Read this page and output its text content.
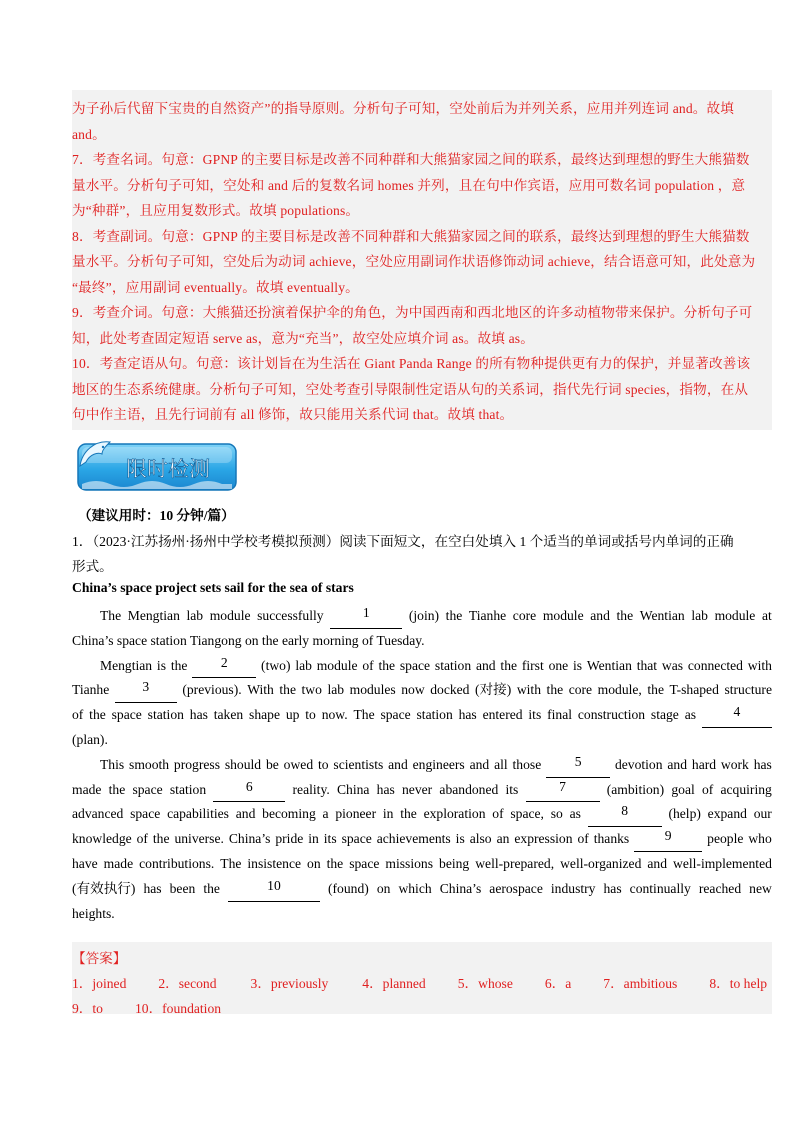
为子孙后代留下宝贵的自然资产”的指导原则。分析句子可知，空处前后为并列关系，应用并列连词 and。故填
and。
7．考查名词。句意：GPNP 的主要目标是改善不同种群和大熊猫家园之间的联系，最终达到理想的野生大熊猫数
量水平。分析句子可知，空处和 and 后的复数名词 homes 并列，且在句中作宾语，应用可数名词 population ，意
为“种群”，且应用复数形式。故填 populations。
8．考查副词。句意：GPNP 的主要目标是改善不同种群和大熊猫家园之间的联系，最终达到理想的野生大熊猫数
量水平。分析句子可知，空处后为动词 achieve，空处应用副词作状语修饰动词 achieve，结合语意可知，此处意为
“最终”，应用副词 eventually。故填 eventually。
9．考查介词。句意：大熊猫还扮演着保护伞的角色，为中国西南和西北地区的许多动植物带来保护。分析句子可
知，此处考查固定短语 serve as，意为“充当”，故空处应填介词 as。故填 as。
10．考查定语从句。句意：该计划旨在为生活在 Giant Panda Range 的所有物种提供更有力的保护，并显著改善该
地区的生态系统健康。分析句子可知，空处考查引导限制性定语从句的关系词，指代先行词 species，指物，在从
句中作主语，且先行词前有 all 修饰，故只能用关系代词 that。故填 that。
限时检测
（建议用时：10 分钟/篇）
1．（2023·江苏扬州·扬州中学校考模拟预测）阅读下面短文，在空白处填入 1 个适当的单词或括号内单词的正确
形式。
China’s space project sets sail for the sea of stars
The Mengtian lab module successfully	1	(join) the Tianhe core module and the Wentian lab module at
China’s space station Tiangong on the early morning of Tuesday.
Mengtian is the	2	(two) lab module of the space station and the first one is Wentian that was connected with
Tianhe	3	(previous). With the two lab modules now docked (对接) with the core module, the T-shaped structure
of the space station has taken shape up to now. The space station has entered its final construction stage as	4
(plan).
This smooth progress should be owed to scientists and engineers and all those	5	devotion and hard work has
made the space station	6	reality. China has never abandoned its	7	(ambition) goal of acquiring
advanced space capabilities and becoming a pioneer in the exploration of space, so as	8	(help) expand our
knowledge of the universe. China’s pride in its space achievements is also an expression of thanks	9	people who
have made contributions. The insistence on the space missions being well-prepared, well-organized and well-implemented
(有效执行) has been the	10	(found) on which China’s aerospace industry has continually reached new
heights.
【答案】
1．joined 2．second	3．previously	4．planned 5．whose 6．a 7．ambitious 8．to help
9．to 10．foundation
